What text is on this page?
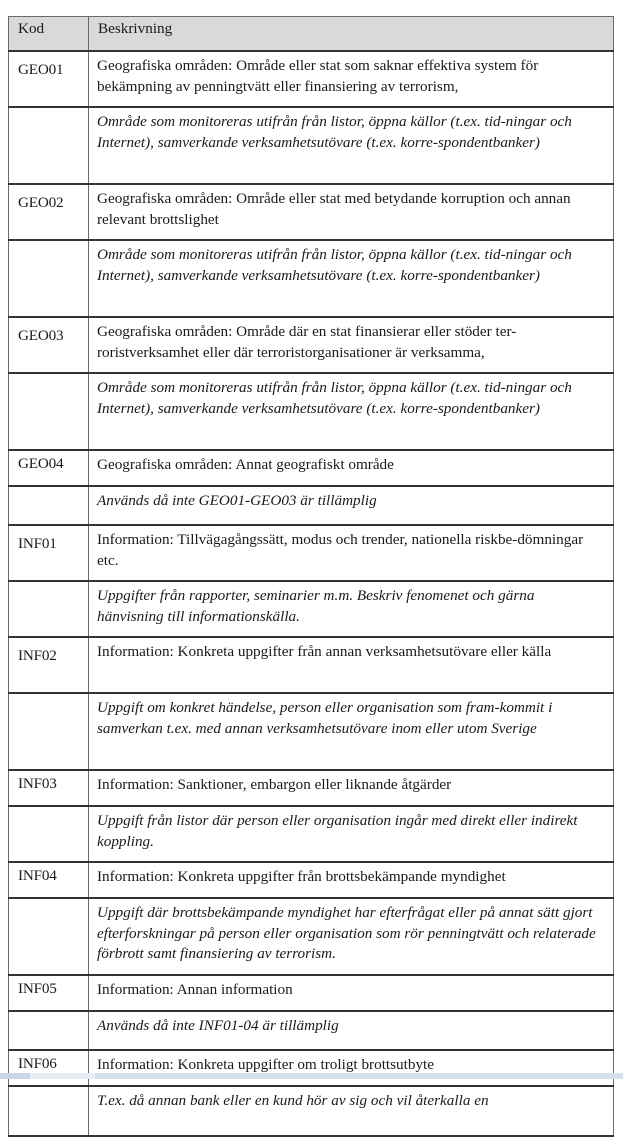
Kod	Beskrivning
GEO01	Geografiska områden: Område eller stat som saknar effektiva system för bekämpning av penningtvätt eller finansiering av terrorism,
	Område som monitoreras utifrån från listor, öppna källor (t.ex. tid-ningar och Internet), samverkande verksamhetsutövare (t.ex. korre-spondentbanker)
GEO02	Geografiska områden: Område eller stat med betydande korruption och annan relevant brottslighet
	Område som monitoreras utifrån från listor, öppna källor (t.ex. tid-ningar och Internet), samverkande verksamhetsutövare (t.ex. korre-spondentbanker)
GEO03	Geografiska områden: Område där en stat finansierar eller stöder ter-roristverksamhet eller där terroristorganisationer är verksamma,
	Område som monitoreras utifrån från listor, öppna källor (t.ex. tid-ningar och Internet), samverkande verksamhetsutövare (t.ex. korre-spondentbanker)
GEO04	Geografiska områden: Annat geografiskt område
	Används då inte GEO01-GEO03 är tillämplig
INF01	Information: Tillvägagångssätt, modus och trender, nationella riskbe-dömningar etc.
	Uppgifter från rapporter, seminarier m.m. Beskriv fenomenet och gärna hänvisning till informationskälla.
INF02	Information: Konkreta uppgifter från annan verksamhetsutövare eller källa
	Uppgift om konkret händelse, person eller organisation som fram-kommit i samverkan t.ex. med annan verksamhetsutövare inom eller utom Sverige
INF03	Information: Sanktioner, embargon eller liknande åtgärder
	Uppgift från listor där person eller organisation ingår med direkt eller indirekt koppling.
INF04	Information: Konkreta uppgifter från brottsbekämpande myndighet
	Uppgift där brottsbekämpande myndighet har efterfrågat eller på annat sätt gjort efterforskningar på person eller organisation som rör penningtvätt och relaterade förbrott samt finansiering av terrorism.
INF05	Information: Annan information
	Används då inte INF01-04 är tillämplig
INF06	Information: Konkreta uppgifter om troligt brottsutbyte
	T.ex. då annan bank eller en kund hör av sig och vil återkalla en
